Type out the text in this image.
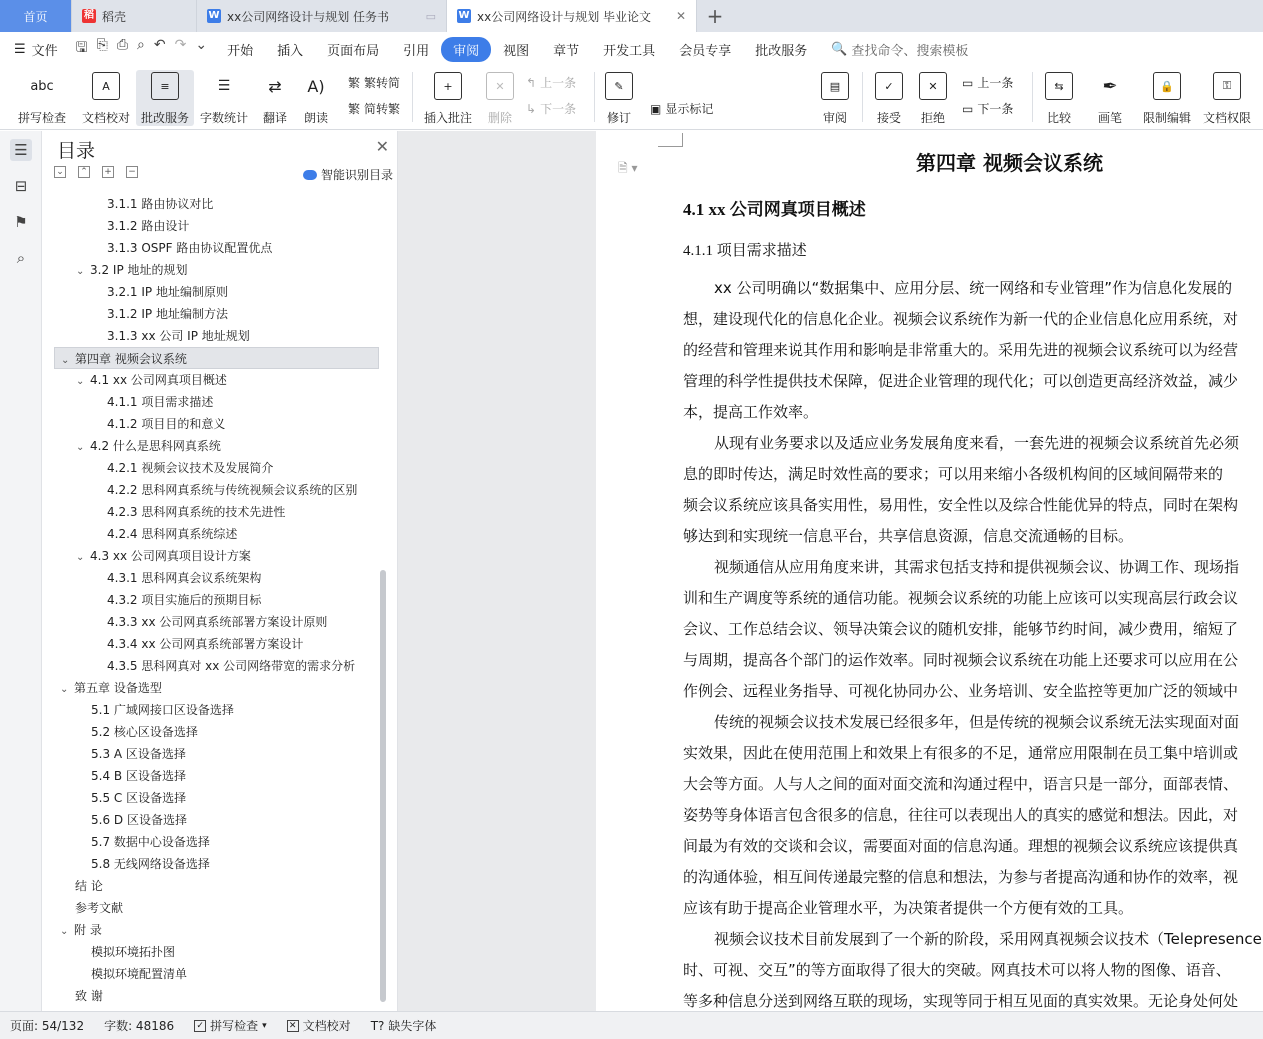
首页	稻 稻壳	W xx公司网络设计与规划 任务书	▭ W xx公司网络设计与规划 毕业论文 ✕	+
☰ 文件 🖫 ⎘ ⎙ ⌕ ↶ ↷ ⌄	开始	插入	页面布局	引用	审阅	视图	章节	开发工具	会员专享	批改服务	🔍 查找命令、搜索模板
abc
拼写检查
A
文档校对
≡
批改服务
☰
字数统计
⇄
翻译
A)
朗读
繁 繁转简
繁 简转繁
+
插入批注
✕
删除
↰ 上一条
↳ 下一条
✎
修订
▣ 显示标记
▤
审阅
✓
接受
✕
拒绝
▭ 上一条
▭ 下一条
⇆
比较
✒
画笔
🔒
限制编辑
⚿
文档权限
☰
⊟
⚑
⌕
目录	✕
⌄ ⌃ + −	智能识别目录
3.1.1 路由协议对比
3.1.2 路由设计
3.1.3 OSPF 路由协议配置优点
⌄ 3.2 IP 地址的规划
3.2.1 IP 地址编制原则
3.1.2 IP 地址编制方法
3.1.3 xx 公司 IP 地址规划
⌄ 第四章 视频会议系统
⌄ 4.1 xx 公司网真项目概述
4.1.1 项目需求描述
4.1.2 项目目的和意义
⌄ 4.2 什么是思科网真系统
4.2.1 视频会议技术及发展简介
4.2.2 思科网真系统与传统视频会议系统的区别
4.2.3 思科网真系统的技术先进性
4.2.4 思科网真系统综述
⌄ 4.3 xx 公司网真项目设计方案
4.3.1 思科网真会议系统架构
4.3.2 项目实施后的预期目标
4.3.3 xx 公司网真系统部署方案设计原则
4.3.4 xx 公司网真系统部署方案设计
4.3.5 思科网真对 xx 公司网络带宽的需求分析
⌄ 第五章 设备选型
5.1 广域网接口区设备选择
5.2 核心区设备选择
5.3 A 区设备选择
5.4 B 区设备选择
5.5 C 区设备选择
5.6 D 区设备选择
5.7 数据中心设备选择
5.8 无线网络设备选择
结 论
参考文献
⌄ 附 录
模拟环境拓扑图
模拟环境配置清单
致 谢
🗎 ▾	第四章 视频会议系统
4.1 xx 公司网真项目概述
4.1.1 项目需求描述
xx 公司明确以“数据集中、应用分层、统一网络和专业管理”作为信息化发展的
想，建设现代化的信息化企业。视频会议系统作为新一代的企业信息化应用系统，对
的经营和管理来说其作用和影响是非常重大的。采用先进的视频会议系统可以为经营
管理的科学性提供技术保障，促进企业管理的现代化；可以创造更高经济效益，减少
本，提高工作效率。
从现有业务要求以及适应业务发展角度来看，一套先进的视频会议系统首先必须
息的即时传达，满足时效性高的要求；可以用来缩小各级机构间的区域间隔带来的
频会议系统应该具备实用性，易用性，安全性以及综合性能优异的特点，同时在架构
够达到和实现统一信息平台，共享信息资源，信息交流通畅的目标。
视频通信从应用角度来讲，其需求包括支持和提供视频会议、协调工作、现场指
训和生产调度等系统的通信功能。视频会议系统的功能上应该可以实现高层行政会议
会议、工作总结会议、领导决策会议的随机安排，能够节约时间，减少费用，缩短了
与周期，提高各个部门的运作效率。同时视频会议系统在功能上还要求可以应用在公
作例会、远程业务指导、可视化协同办公、业务培训、安全监控等更加广泛的领域中
传统的视频会议技术发展已经很多年，但是传统的视频会议系统无法实现面对面
实效果，因此在使用范围上和效果上有很多的不足，通常应用限制在员工集中培训或
大会等方面。人与人之间的面对面交流和沟通过程中，语言只是一部分，面部表情、
姿势等身体语言包含很多的信息，往往可以表现出人的真实的感觉和想法。因此，对
间最为有效的交谈和会议，需要面对面的信息沟通。理想的视频会议系统应该提供真
的沟通体验，相互间传递最完整的信息和想法，为参与者提高沟通和协作的效率，视
应该有助于提高企业管理水平，为决策者提供一个方便有效的工具。
视频会议技术目前发展到了一个新的阶段，采用网真视频会议技术（Telepresence
时、可视、交互”的等方面取得了很大的突破。网真技术可以将人物的图像、语音、
等多种信息分送到网络互联的现场，实现等同于相互见面的真实效果。无论身处何处
页面: 54/132	字数: 48186	✓ 拼写检查 ▾ ✕ 文档校对 T? 缺失字体
